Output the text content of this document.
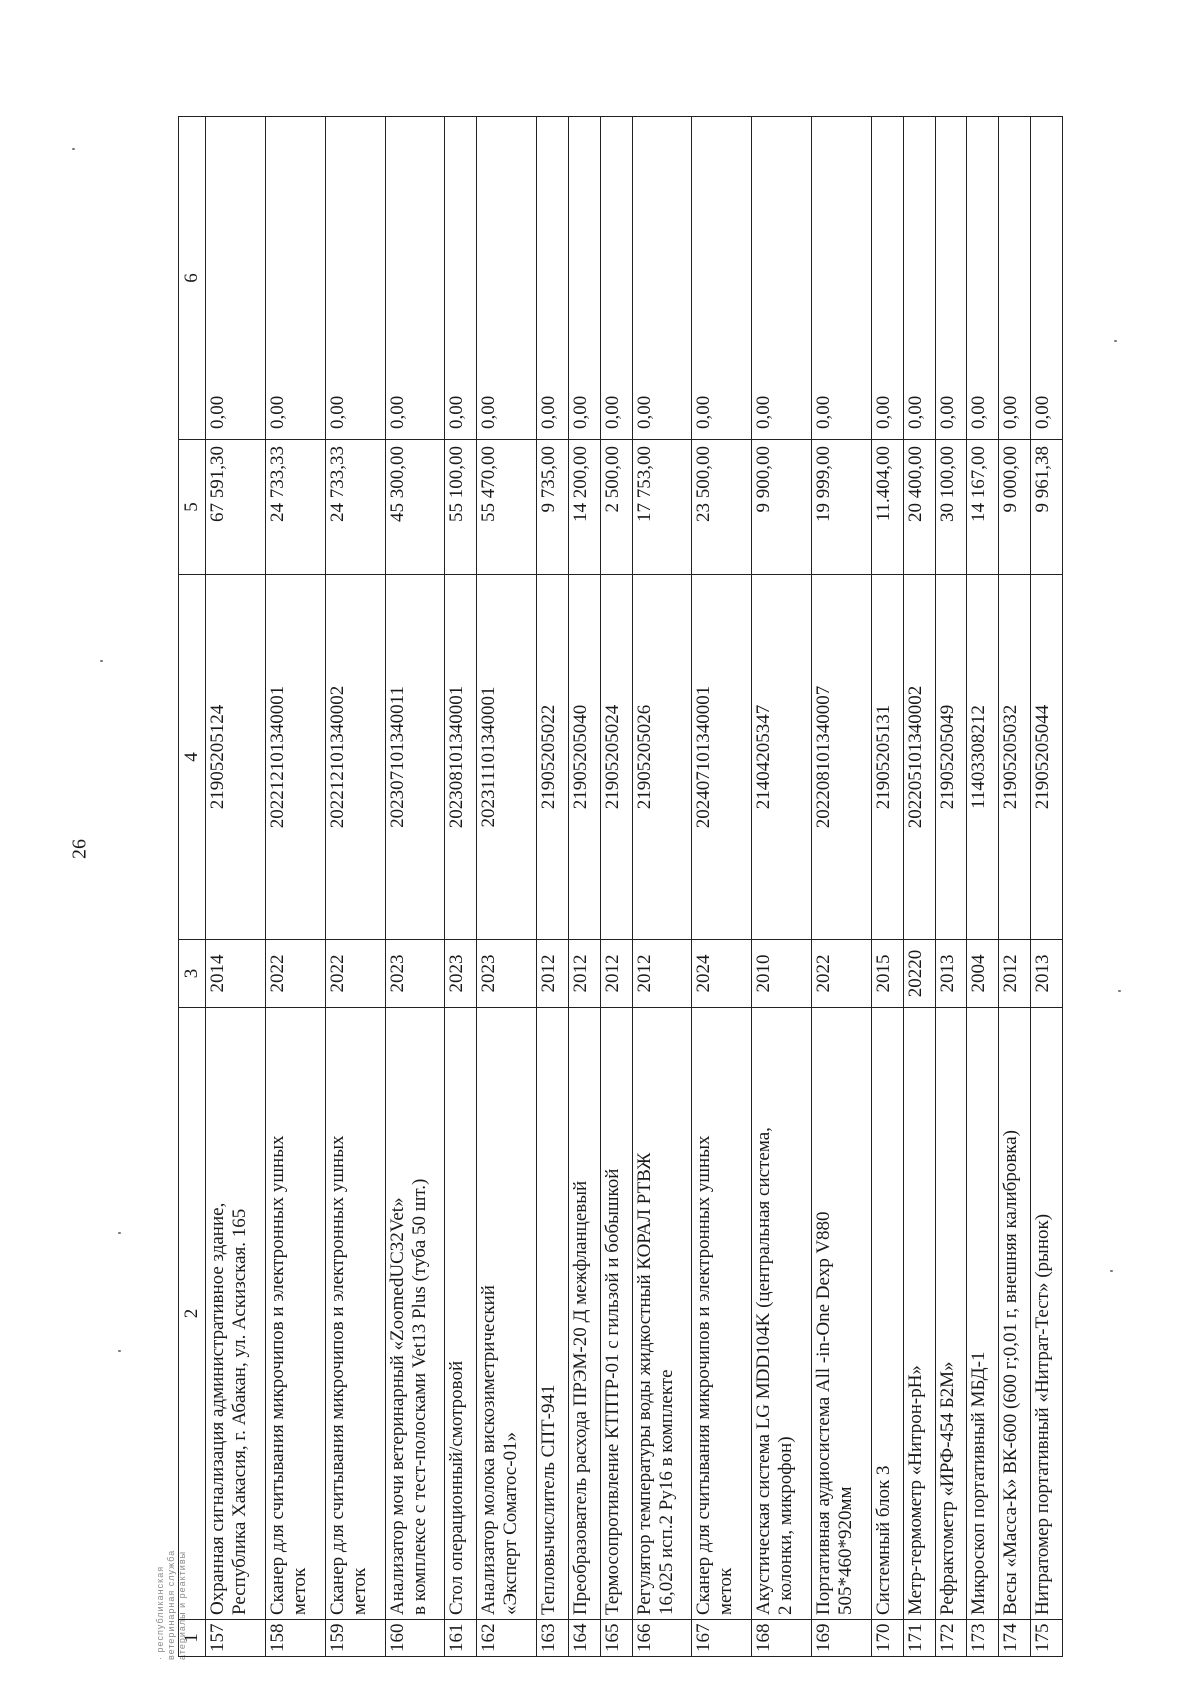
26
· республиканская ветеринарная служба атериалы и реактивы
1	2	3	4	5	6
157	Охранная сигнализация административное здание,
Республика Хакасия, г. Абакан, ул. Аскизская. 165	2014	21905205124	67 591,30	0,00
158	Сканер для считывания микрочипов и электронных ушных
меток	2022	202212101340001	24 733,33	0,00
159	Сканер для считывания микрочипов и электронных ушных
меток	2022	202212101340002	24 733,33	0,00
160	Анализатор мочи ветеринарный «ZoomedUC32Vet»
в комплексе с тест-полосками Vet13 Plus (туба 50 шт.)	2023	202307101340011	45 300,00	0,00
161	Стол операционный/смотровой	2023	202308101340001	55 100,00	0,00
162	Анализатор молока вискозиметрический
«Эксперт Соматос-01»	2023	202311101340001	55 470,00	0,00
163	Тепловычислитель СПТ-941	2012	21905205022	9 735,00	0,00
164	Преобразователь расхода ПРЭМ-20 Д межфланцевый	2012	21905205040	14 200,00	0,00
165	Термосопротивление КТПТР-01 с гильзой и бобышкой	2012	21905205024	2 500,00	0,00
166	Регулятор температуры воды жидкостный КОРАЛ РТВЖ
16,025 исп.2 Ру16 в комплекте	2012	21905205026	17 753,00	0,00
167	Сканер для считывания микрочипов и электронных ушных
меток	2024	202407101340001	23 500,00	0,00
168	Акустическая система LG MDD104K (центральная система,
2 колонки, микрофон)	2010	21404205347	9 900,00	0,00
169	Портативная аудиосистема All -in-One Dexp V880
505*460*920мм	2022	202208101340007	19 999,00	0,00
170	Системный блок 3	2015	21905205131	11.404,00	0,00
171	Метр-термометр «Нитрон-рН»	20220	202205101340002	20 400,00	0,00
172	Рефрактометр «ИРФ-454 Б2М»	2013	21905205049	30 100,00	0,00
173	Микроскоп портативный МБД-1	2004	11403308212	14 167,00	0,00
174	Весы «Масса-К» ВК-600 (600 г;0,01 г, внешняя калибровка)	2012	21905205032	9 000,00	0,00
175	Нитратомер портативный «Нитрат-Тест» (рынок)	2013	21905205044	9 961,38	0,00
